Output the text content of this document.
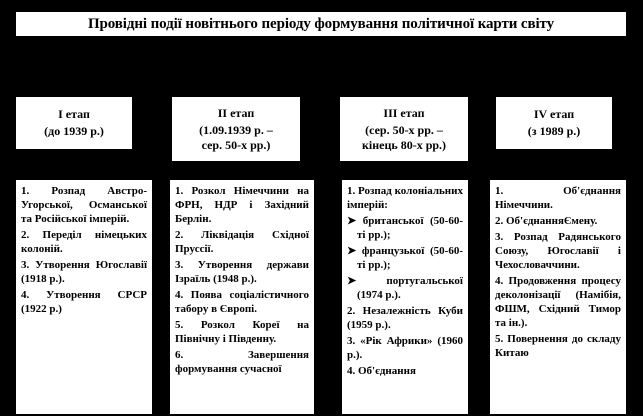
Провідні події новітнього періоду формування політичної карти світу
І етап
(до 1939 р.)
ІІ етап
(1.09.1939 р. –
сер. 50-х рр.)
ІІІ етап
(сер. 50-х рр. –
кінець 80-х рр.)
ІV етап
(з 1989 р.)

1. Розпад Австро-Угорської, Османської та Російської імперій.

2. Переділ німецьких колоній.

3. Утворення Югославії (1918 р.).

4. Утворення СРСР (1922 р.)

1. Розкол Німеччини на ФРН, НДР і Західний Берлін.

2. Ліквідація Східної Пруссії.

3. Утворення держави Ізраїль (1948 р.).

4. Поява соціалістичного табору в Європі.

5. Розкол Кореї на Північну і Південну.

6. Завершення формування сучасної

1. Розпад колоніальних імперій:

➤ британської (50-60-ті рр.);

➤ французької (50-60-ті рр.);

➤ португальської (1974 р.).

2. Незалежність Куби (1959 р.).

3. «Рік Африки» (1960 р.).

4. Об'єднання

1. Об'єднання Німеччини.

2. Об'єднанняЄмену.

3. Розпад Радянського Союзу, Югославії і Чехословаччини.

4. Продовження процесу деколонізації (Намібія, ФШМ, Східний Тимор та ін.).

5. Повернення до складу Китаю
